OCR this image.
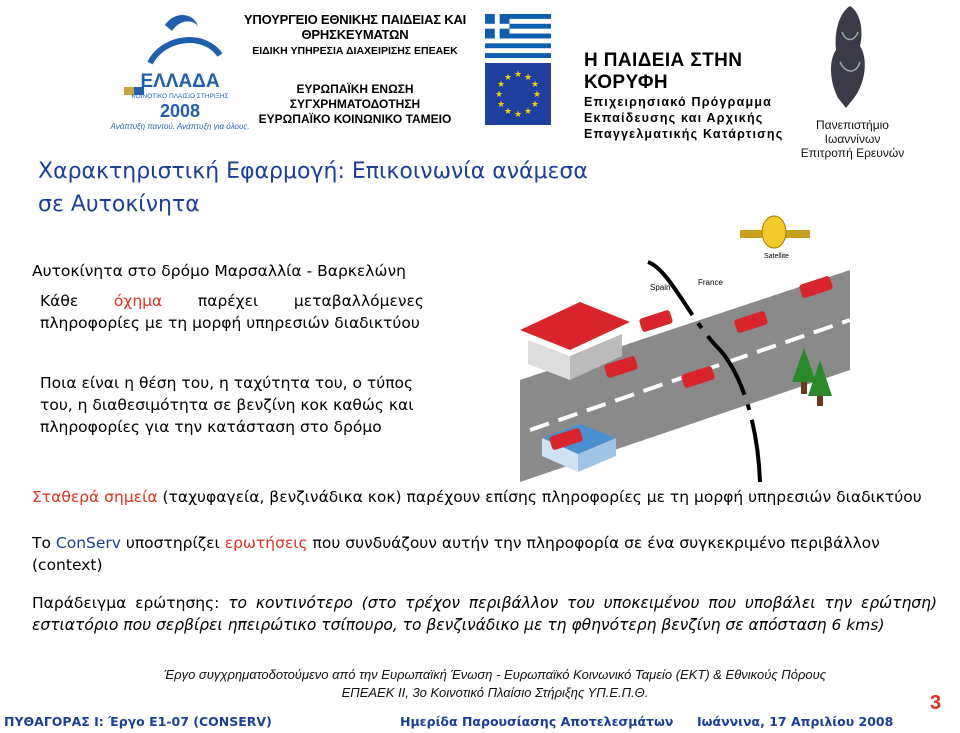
ΕΛΛΑΔΑ
ΚΟΙΝΟΤΙΚΟ ΠΛΑΙΣΙΟ ΣΤΗΡΙΞΗΣ
2008
Ανάπτυξη παντού. Ανάπτυξη για όλους.
ΥΠΟΥΡΓΕΙΟ ΕΘΝΙΚΗΣ ΠΑΙΔΕΙΑΣ ΚΑΙ ΘΡΗΣΚΕΥΜΑΤΩΝ
ΕΙΔΙΚΗ ΥΠΗΡΕΣΙΑ ΔΙΑΧΕΙΡΙΣΗΣ ΕΠΕΑΕΚ
ΕΥΡΩΠΑΪΚΗ ΕΝΩΣΗ
ΣΥΓΧΡΗΜΑΤΟΔΟΤΗΣΗ
ΕΥΡΩΠΑΪΚΟ ΚΟΙΝΩΝΙΚΟ ΤΑΜΕΙΟ
★ ★
★
★
★
★
★
★
★
★
★
★
Η ΠΑΙΔΕΙΑ ΣΤΗΝ ΚΟΡΥΦΗ
Επιχειρησιακό Πρόγραμμα
Εκπαίδευσης και Αρχικής
Επαγγελματικής Κατάρτισης
Πανεπιστήμιο
Ιωαννίνων
Επιτροπή Ερευνών
Χαρακτηριστική Εφαρμογή: Επικοινωνία ανάμεσα
σε Αυτοκίνητα
Αυτοκίνητα στο δρόμο Μαρσαλλία - Βαρκελώνη
Κάθε όχημα παρέχει μεταβαλλόμενες πληροφορίες με τη μορφή υπηρεσιών διαδικτύου
Ποια είναι η θέση του, η ταχύτητα του, ο τύπος του, η διαθεσιμότητα σε βενζίνη κοκ καθώς και πληροφορίες για την κατάσταση στο δρόμο
Σταθερά σημεία (ταχυφαγεία, βενζινάδικα κοκ) παρέχουν επίσης πληροφορίες με τη μορφή υπηρεσιών διαδικτύου
Το ConServ υποστηρίζει ερωτήσεις που συνδυάζουν αυτήν την πληροφορία σε ένα συγκεκριμένο περιβάλλον (context)
Παράδειγμα ερώτησης: το κοντινότερο (στο τρέχον περιβάλλον του υποκειμένου που υποβάλει την ερώτηση) εστιατόριο που σερβίρει ηπειρώτικο τσίπουρο, το βενζινάδικο με τη φθηνότερη βενζίνη σε απόσταση 6 kms)
Spain
France
Satellite
Έργο συγχρηματοδοτούμενο από την Ευρωπαϊκή Ένωση - Ευρωπαϊκό Κοινωνικό Ταμείο (ΕΚΤ) & Εθνικούς Πόρους
ΕΠΕΑΕΚ ΙΙ, 3ο Κοινοτικό Πλαίσιο Στήριξης ΥΠ.Ε.Π.Θ.	3
ΠΥΘΑΓΟΡΑΣ Ι: Έργο Ε1-07 (CONSERV)	Ημερίδα Παρουσίασης Αποτελεσμάτων Ιωάννινα, 17 Απριλίου 2008
